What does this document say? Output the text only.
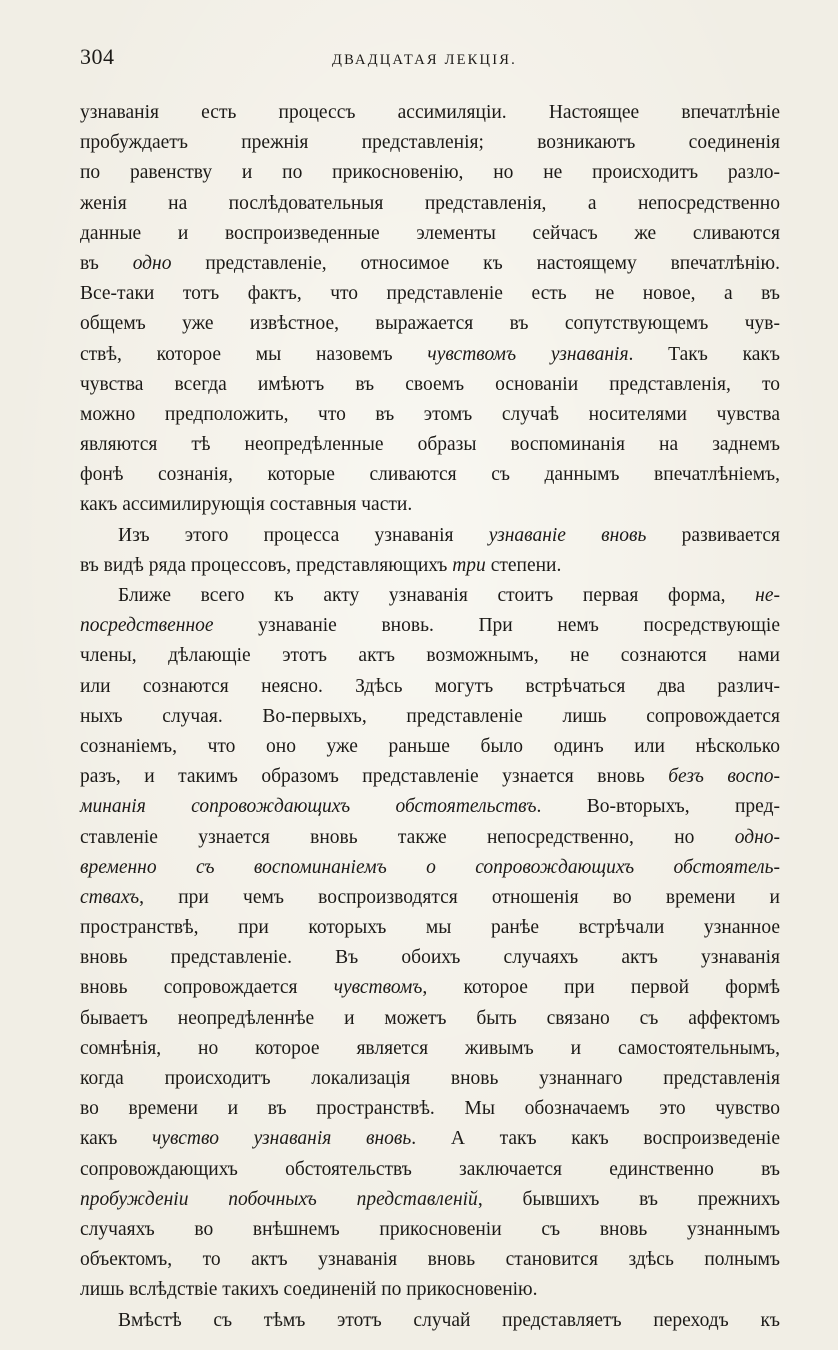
304	ДВАДЦАТАЯ ЛЕКЦIЯ.
узнаванiя есть процессъ ассимиляцiи. Настоящее впечатлѣнiе
пробуждаетъ прежнiя представленiя; возникаютъ соединенiя
по равенству и по прикосновенiю, но не происходитъ разло-
женiя на послѣдовательныя представленiя, а непосредственно
данные и воспроизведенные элементы сейчасъ же сливаются
въ одно представленiе, относимое къ настоящему впечатлѣнiю.
Все-таки тотъ фактъ, что представленiе есть не новое, а въ
общемъ уже извѣстное, выражается въ сопутствующемъ чув-
ствѣ, которое мы назовемъ чувствомъ узнаванiя. Такъ какъ
чувства всегда имѣютъ въ своемъ основанiи представленiя, то
можно предположить, что въ этомъ случаѣ носителями чувства
являются тѣ неопредѣленные образы воспоминанiя на заднемъ
фонѣ сознанiя, которые сливаются съ даннымъ впечатлѣнiемъ,
какъ ассимилирующiя составныя части.
Изъ этого процесса узнаванiя узнаванiе вновь развивается
въ видѣ ряда процессовъ, представляющихъ три степени.
Ближе всего къ акту узнаванiя стоитъ первая форма, не-
посредственное узнаванiе вновь. При немъ посредствующiе
члены, дѣлающiе этотъ актъ возможнымъ, не сознаются нами
или сознаются неясно. Здѣсь могутъ встрѣчаться два различ-
ныхъ случая. Во-первыхъ, представленiе лишь сопровождается
сознанiемъ, что оно уже раньше было одинъ или нѣсколько
разъ, и такимъ образомъ представленiе узнается вновь безъ воспо-
минанiя сопровождающихъ обстоятельствъ. Во-вторыхъ, пред-
ставленiе узнается вновь также непосредственно, но одно-
временно съ воспоминанiемъ о сопровождающихъ обстоятель-
ствахъ, при чемъ воспроизводятся отношенiя во времени и
пространствѣ, при которыхъ мы ранѣе встрѣчали узнанное
вновь представленiе. Въ обоихъ случаяхъ актъ узнаванiя
вновь сопровождается чувствомъ, которое при первой формѣ
бываетъ неопредѣленнѣе и можетъ быть связано съ аффектомъ
сомнѣнiя, но которое является живымъ и самостоятельнымъ,
когда происходитъ локализацiя вновь узнаннаго представленiя
во времени и въ пространствѣ. Мы обозначаемъ это чувство
какъ чувство узнаванiя вновь. А такъ какъ воспроизведенiе
сопровождающихъ обстоятельствъ заключается единственно въ
пробужденiи побочныхъ представленiй, бывшихъ въ прежнихъ
случаяхъ во внѣшнемъ прикосновенiи съ вновь узнаннымъ
объектомъ, то актъ узнаванiя вновь становится здѣсь полнымъ
лишь вслѣдствiе такихъ соединенiй по прикосновенiю.
Вмѣстѣ съ тѣмъ этотъ случай представляетъ переходъ къ
